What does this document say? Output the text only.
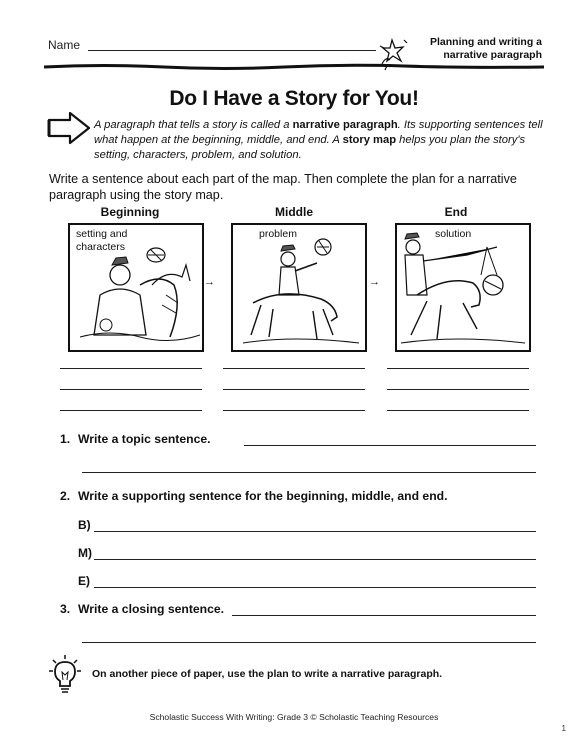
Name	Planning and writing a
narrative paragraph
Do I Have a Story for You!
A paragraph that tells a story is called a narrative paragraph. Its supporting sentences tell what happen at the beginning, middle, and end. A story map helps you plan the story's setting, characters, problem, and solution.
Write a sentence about each part of the map. Then complete the plan for a narrative paragraph using the story map.
Beginning	Middle	End
setting and
characters
→
problem
→
solution
1. Write a topic sentence.
2. Write a supporting sentence for the beginning, middle, and end.
B)
M)
E)
3. Write a closing sentence.
On another piece of paper, use the plan to write a narrative paragraph.
Scholastic Success With Writing: Grade 3 © Scholastic Teaching Resources
1
